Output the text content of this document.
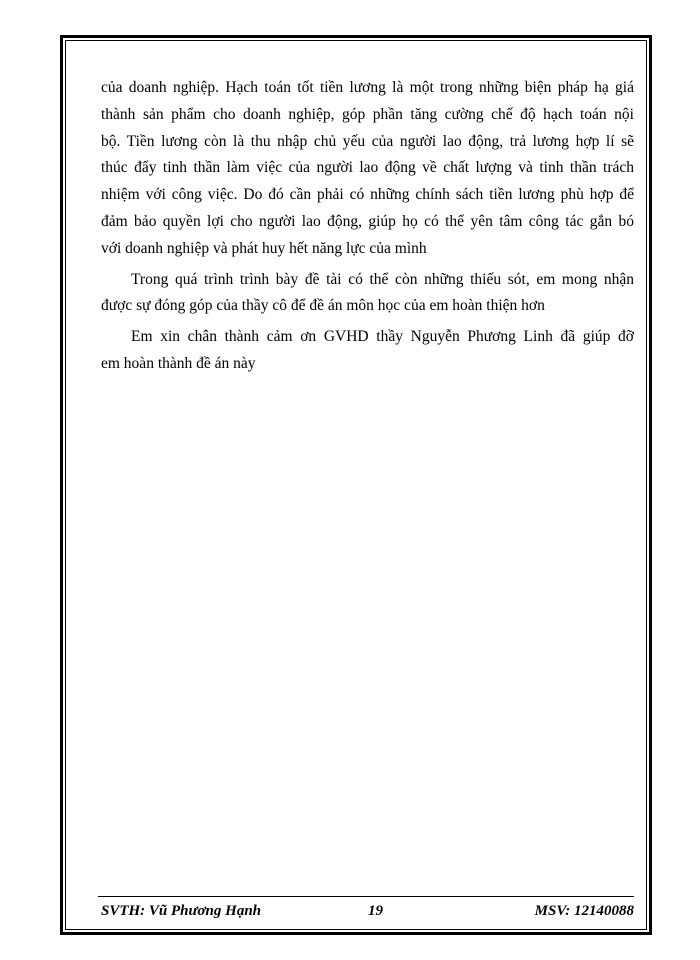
của doanh nghiệp. Hạch toán tốt tiền lương là một trong những biện pháp hạ giá
thành sản phẩm cho doanh nghiệp, góp phần tăng cường chế độ hạch toán nội
bộ. Tiền lương còn là thu nhập chủ yếu của người lao động, trả lương hợp lí sẽ
thúc đẩy tinh thần làm việc của người lao động về chất lượng và tinh thần trách
nhiệm với công việc. Do đó cần phải có những chính sách tiền lương phù hợp để
đảm bảo quyền lợi cho người lao động, giúp họ có thể yên tâm công tác gắn bó
với doanh nghiệp và phát huy hết năng lực của mình
Trong quá trình trình bày đề tài có thể còn những thiếu sót, em mong nhận
được sự đóng góp của thầy cô để đề án môn học của em hoàn thiện hơn
Em xin chân thành cảm ơn GVHD thầy Nguyễn Phương Linh đã giúp đỡ
em hoàn thành đề án này
SVTH: Vũ Phương Hạnh	19	MSV: 12140088
